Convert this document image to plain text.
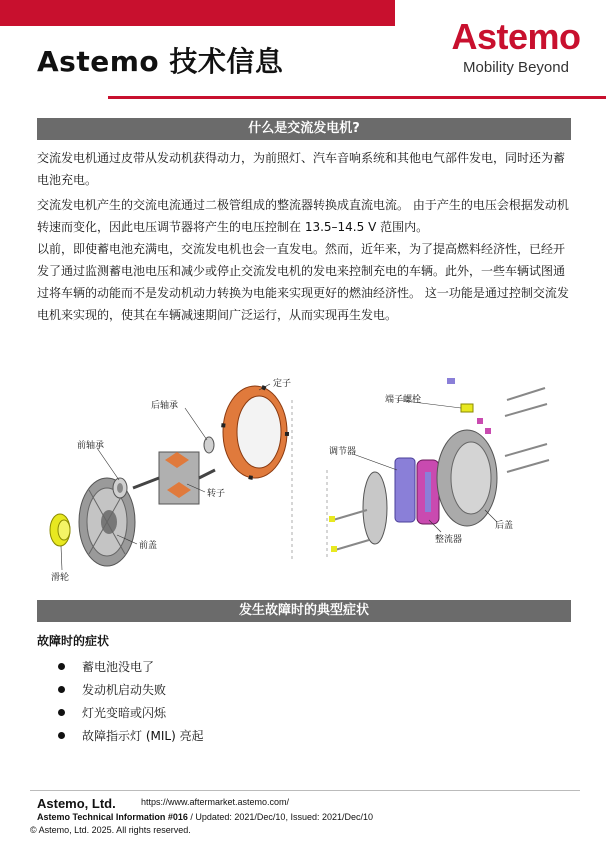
Astemo 技术信息
Astemo
Mobility Beyond
什么是交流发电机?

交流发电机通过皮带从发动机获得动力，为前照灯、汽车音响系统和其他电气部件发电，同时还为蓄电池充电。

交流发电机产生的交流电流通过二极管组成的整流器转换成直流电流。 由于产生的电压会根据发动机转速而变化，因此电压调节器将产生的电压控制在 13.5–14.5 V 范围内。

以前，即使蓄电池充满电，交流发电机也会一直发电。然而，近年来，为了提高燃料经济性，已经开发了通过监测蓄电池电压和减少或停止交流发电机的发电来控制充电的车辆。此外，一些车辆试图通过将车辆的动能而不是发动机动力转换为电能来实现更好的燃油经济性。 这一功能是通过控制交流发电机来实现的，使其在车辆减速期间广泛运行，从而实现再生发电。

定子
后轴承
前轴承
转子
前盖
滑轮
端子螺栓
调节器
后盖
整流器
发生故障时的典型症状
故障时的症状
蓄电池没电了
发动机启动失败
灯光变暗或闪烁
故障指示灯 (MIL) 亮起
Astemo, Ltd.	https://www.aftermarket.astemo.com/
Astemo Technical Information #016 / Updated: 2021/Dec/10, Issued: 2021/Dec/10
© Astemo, Ltd. 2025. All rights reserved.
